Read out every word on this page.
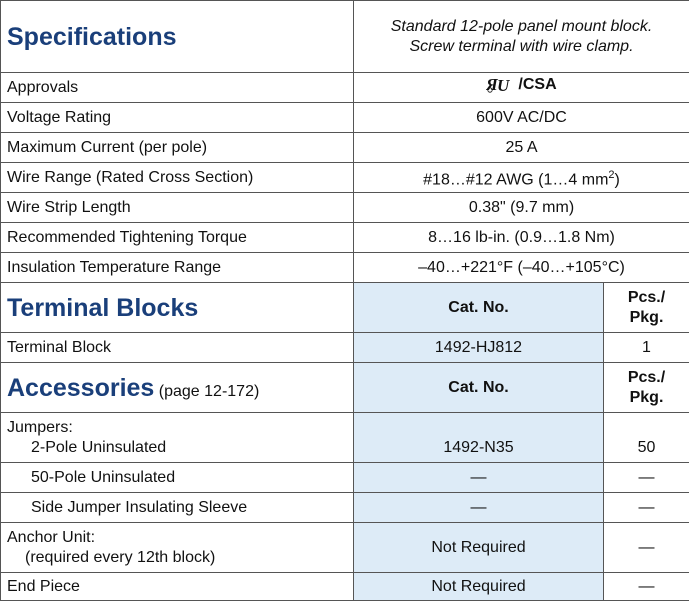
Specifications	Standard 12-pole panel mount block.
Screw terminal with wire clamp.	

Approvals	Я U /CSA	

Voltage Rating	600V AC/DC	
Maximum Current (per pole)	25 A	
Wire Range (Rated Cross Section)	#18…#12 AWG (1…4 $mm^2$)	
Wire Strip Length	0.38" (9.7 mm)	
Recommended Tightening Torque	8…16 lb-in. (0.9…1.8 Nm)	
Insulation Temperature Range	–40…+221°F (–40…+105°C)	
Terminal Blocks	Cat. No.	Pcs./
Pkg.

Terminal Block	1492-HJ812	1
Accessories (page 12-172)	Cat. No.	Pcs./
Pkg.

Jumpers:
2-Pole Uninsulated	1492-N35	50

50-Pole Uninsulated	—	—

Side Jumper Insulating Sleeve	—	—

Anchor Unit:
(required every 12th block)	Not Required	—
End Piece	Not Required	—
